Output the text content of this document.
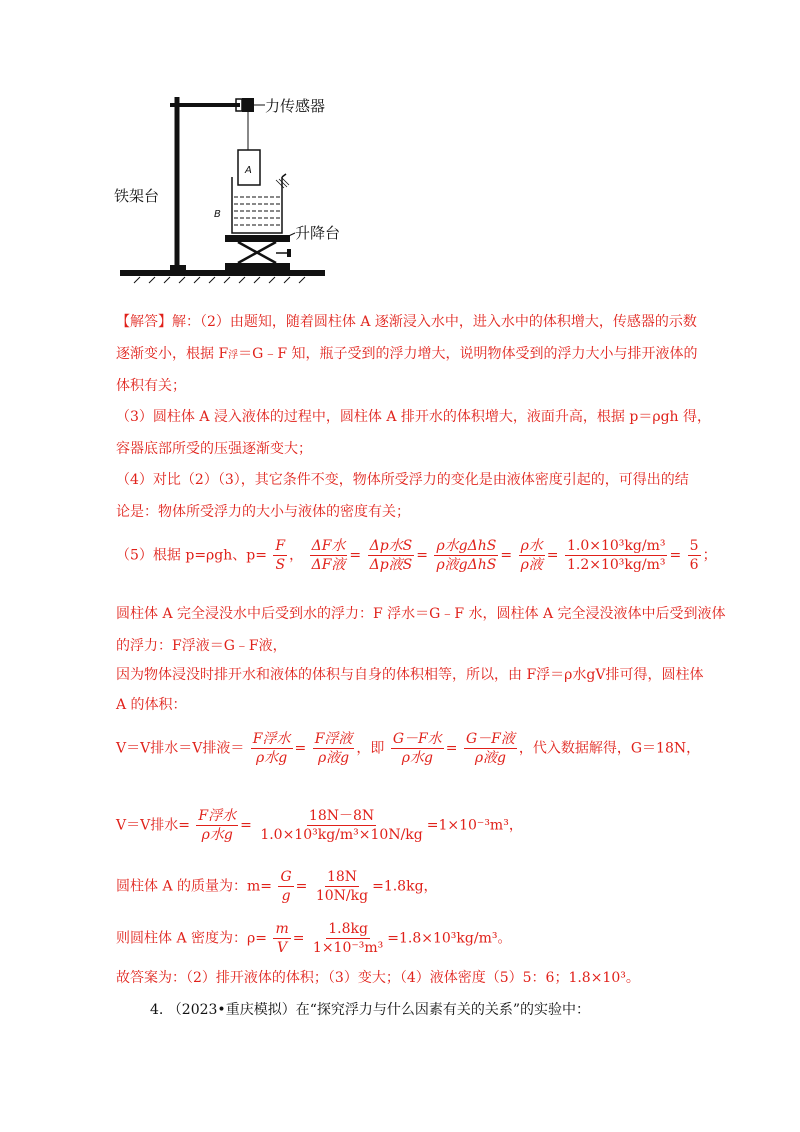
力传感器
A
B
升降台
铁架台
【解答】解：（2）由题知，随着圆柱体 A 逐渐浸入水中，进入水中的体积增大，传感器的示数
逐渐变小，根据 F浮＝G﹣F 知，瓶子受到的浮力增大，说明物体受到的浮力大小与排开液体的
体积有关；
（3）圆柱体 A 浸入液体的过程中，圆柱体 A 排开水的体积增大，液面升高，根据 p＝ρgh 得，
容器底部所受的压强逐渐变大；
（4）对比（2）（3），其它条件不变，物体所受浮力的变化是由液体密度引起的，可得出的结
论是：物体所受浮力的大小与液体的密度有关；
（5）根据 p=ρgh、$p= \frac{F}{S}$ ， $\frac{\text{ΔF水}}{\text{ΔF液}} = \frac{\text{Δp水S}}{\text{Δp液S}} = \frac{\text{ρ水gΔhS}}{\text{ρ液gΔhS}} = \frac{\text{ρ水}}{\text{ρ液}} = \frac{\text{1.0×10³kg/m³}}{\text{1.2×10³kg/m³}} = \frac{5}{6}$ ；
圆柱体 A 完全浸没水中后受到水的浮力：F 浮水＝G﹣F 水，圆柱体 A 完全浸没液体中后受到液体
的浮力：F浮液＝G﹣F液，
因为物体浸没时排开水和液体的体积与自身的体积相等，所以，由 F浮＝ρ水gV排可得，圆柱体
A 的体积：
V＝V排水＝V排液＝ $\frac{\text{F浮水}}{\text{ρ水g}} = \frac{\text{F浮液}}{\text{ρ液g}}$ ，即 $\frac{\text{G－F水}}{\text{ρ水g}} = \frac{\text{G－F液}}{\text{ρ液g}}$ ，代入数据解得，G＝18N，
V＝V排水= $\frac{\text{F浮水}}{\text{ρ水g}} = \frac{18N-8N}{\text{1.0×10³kg/m³×10N/kg}} =1\times 10^{-3}m^3$，
圆柱体 A 的质量为：$m= \frac{G}{g} = \frac{18N}{10N/kg} =1.8kg$，
则圆柱体 A 密度为：$\rho= \frac{m}{V} = \frac{1.8kg}{\text{1×10⁻³m³}} =1.8\times 10^3kg/m^3$。
故答案为：（2）排开液体的体积；（3）变大；（4）液体密度（5）5：6；1.8×10³。
4. （2023•重庆模拟）在“探究浮力与什么因素有关的关系”的实验中：
